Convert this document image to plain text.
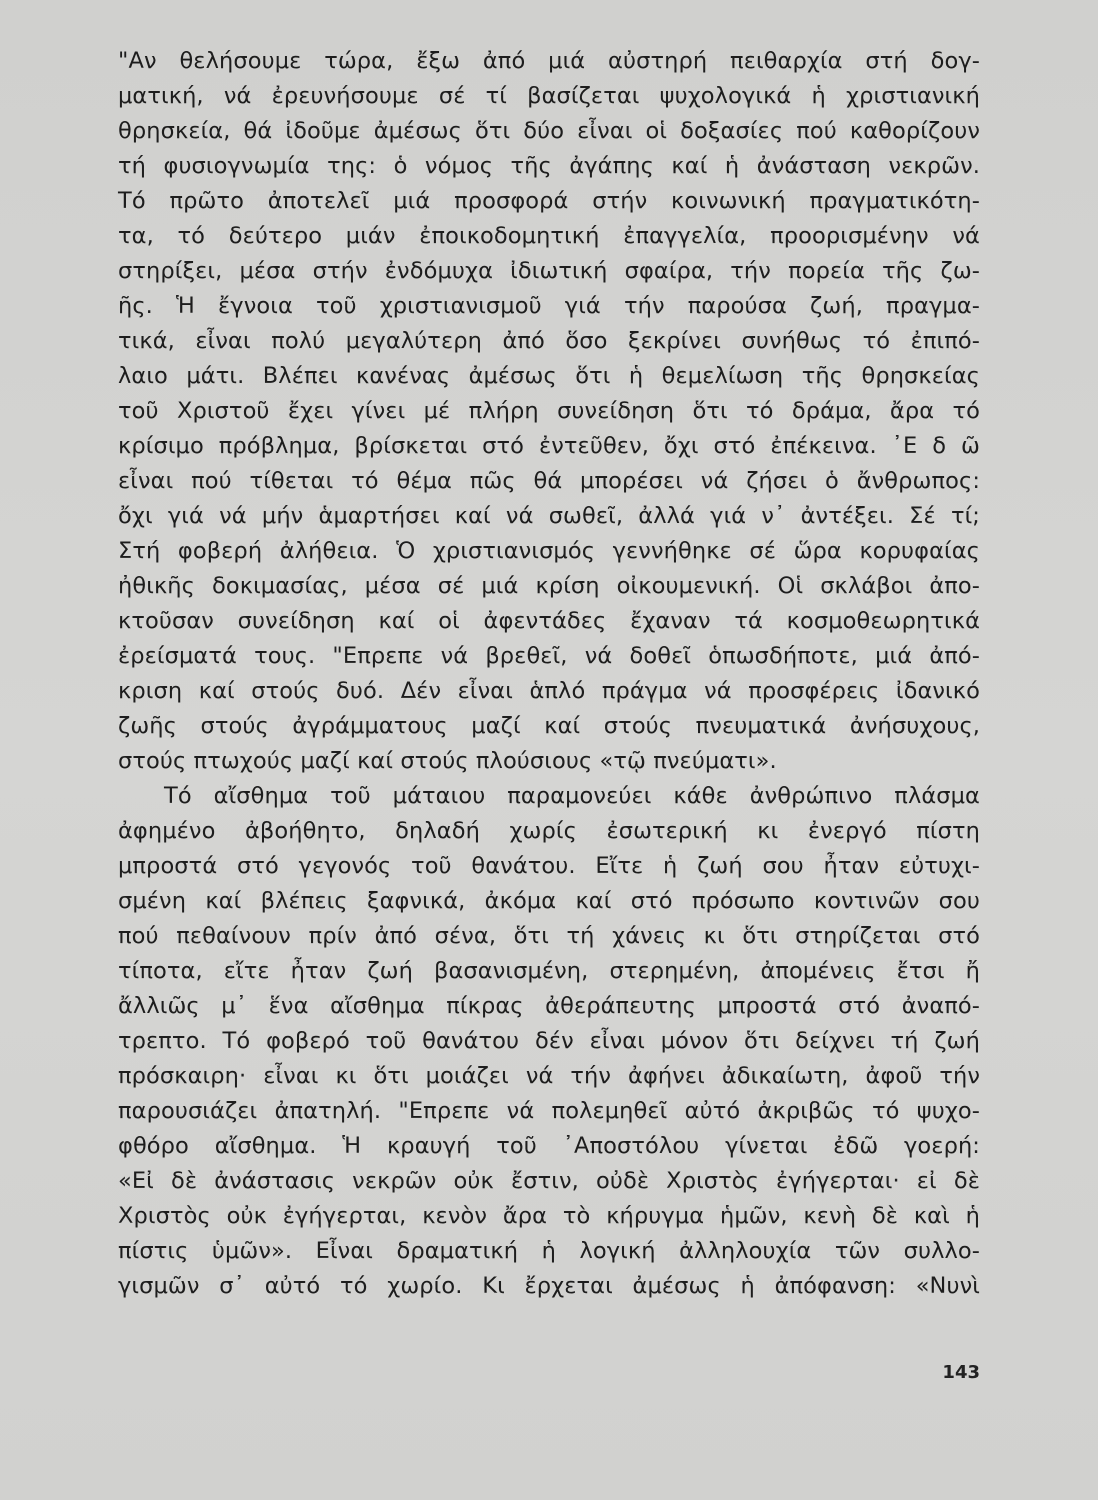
"Αν θελήσουμε τώρα, ἔξω ἀπό μιά αὐστηρή πειθαρχία στή δογ-
ματική, νά ἐρευνήσουμε σέ τί βασίζεται ψυχολογικά ἡ χριστιανική
θρησκεία, θά ἰδοῦμε ἀμέσως ὅτι δύο εἶναι οἱ δοξασίες πού καθορίζουν
τή φυσιογνωμία της: ὁ νόμος τῆς ἀγάπης καί ἡ ἀνάσταση νεκρῶν.
Τό πρῶτο ἀποτελεῖ μιά προσφορά στήν κοινωνική πραγματικότη-
τα, τό δεύτερο μιάν ἐποικοδομητική ἐπαγγελία, προορισμένην νά
στηρίξει, μέσα στήν ἐνδόμυχα ἰδιωτική σφαίρα, τήν πορεία τῆς ζω-
ῆς. Ἡ ἔγνοια τοῦ χριστιανισμοῦ γιά τήν παρούσα ζωή, πραγμα-
τικά, εἶναι πολύ μεγαλύτερη ἀπό ὅσο ξεκρίνει συνήθως τό ἐπιπό-
λαιο μάτι. Βλέπει κανένας ἀμέσως ὅτι ἡ θεμελίωση τῆς θρησκείας
τοῦ Χριστοῦ ἔχει γίνει μέ πλήρη συνείδηση ὅτι τό δράμα, ἄρα τό
κρίσιμο πρόβλημα, βρίσκεται στό ἐντεῦθεν, ὄχι στό ἐπέκεινα. ᾿Ε δ ῶ
εἶναι πού τίθεται τό θέμα πῶς θά μπορέσει νά ζήσει ὁ ἄνθρωπος:
ὄχι γιά νά μήν ἁμαρτήσει καί νά σωθεῖ, ἀλλά γιά ν᾿ ἀντέξει. Σέ τί;
Στή φοβερή ἀλήθεια. Ὁ χριστιανισμός γεννήθηκε σέ ὥρα κορυφαίας
ἠθικῆς δοκιμασίας, μέσα σέ μιά κρίση οἰκουμενική. Οἱ σκλάβοι ἀπο-
κτοῦσαν συνείδηση καί οἱ ἀφεντάδες ἔχαναν τά κοσμοθεωρητικά
ἐρείσματά τους. "Επρεπε νά βρεθεῖ, νά δοθεῖ ὁπωσδήποτε, μιά ἀπό-
κριση καί στούς δυό. Δέν εἶναι ἁπλό πράγμα νά προσφέρεις ἰδανικό
ζωῆς στούς ἀγράμματους μαζί καί στούς πνευματικά ἀνήσυχους,
στούς πτωχούς μαζί καί στούς πλούσιους «τῷ πνεύματι».
Τό αἴσθημα τοῦ μάταιου παραμονεύει κάθε ἀνθρώπινο πλάσμα
ἀφημένο ἀβοήθητο, δηλαδή χωρίς ἐσωτερική κι ἐνεργό πίστη
μπροστά στό γεγονός τοῦ θανάτου. Εἴτε ἡ ζωή σου ἦταν εὐτυχι-
σμένη καί βλέπεις ξαφνικά, ἀκόμα καί στό πρόσωπο κοντινῶν σου
πού πεθαίνουν πρίν ἀπό σένα, ὅτι τή χάνεις κι ὅτι στηρίζεται στό
τίποτα, εἴτε ἦταν ζωή βασανισμένη, στερημένη, ἀπομένεις ἔτσι ἤ
ἄλλιῶς μ᾿ ἕνα αἴσθημα πίκρας ἀθεράπευτης μπροστά στό ἀναπό-
τρεπτο. Τό φοβερό τοῦ θανάτου δέν εἶναι μόνον ὅτι δείχνει τή ζωή
πρόσκαιρη· εἶναι κι ὅτι μοιάζει νά τήν ἀφήνει ἀδικαίωτη, ἀφοῦ τήν
παρουσιάζει ἀπατηλή. "Επρεπε νά πολεμηθεῖ αὐτό ἀκριβῶς τό ψυχο-
φθόρο αἴσθημα. Ἡ κραυγή τοῦ ᾿Αποστόλου γίνεται ἐδῶ γοερή:
«Εἰ δὲ ἀνάστασις νεκρῶν οὐκ ἔστιν, οὐδὲ Χριστὸς ἐγήγερται· εἰ δὲ
Χριστὸς οὐκ ἐγήγερται, κενὸν ἄρα τὸ κήρυγμα ἡμῶν, κενὴ δὲ καὶ ἡ
πίστις ὑμῶν». Εἶναι δραματική ἡ λογική ἀλληλουχία τῶν συλλο-
γισμῶν σ᾿ αὐτό τό χωρίο. Κι ἔρχεται ἀμέσως ἡ ἀπόφανση: «Νυνὶ
143
